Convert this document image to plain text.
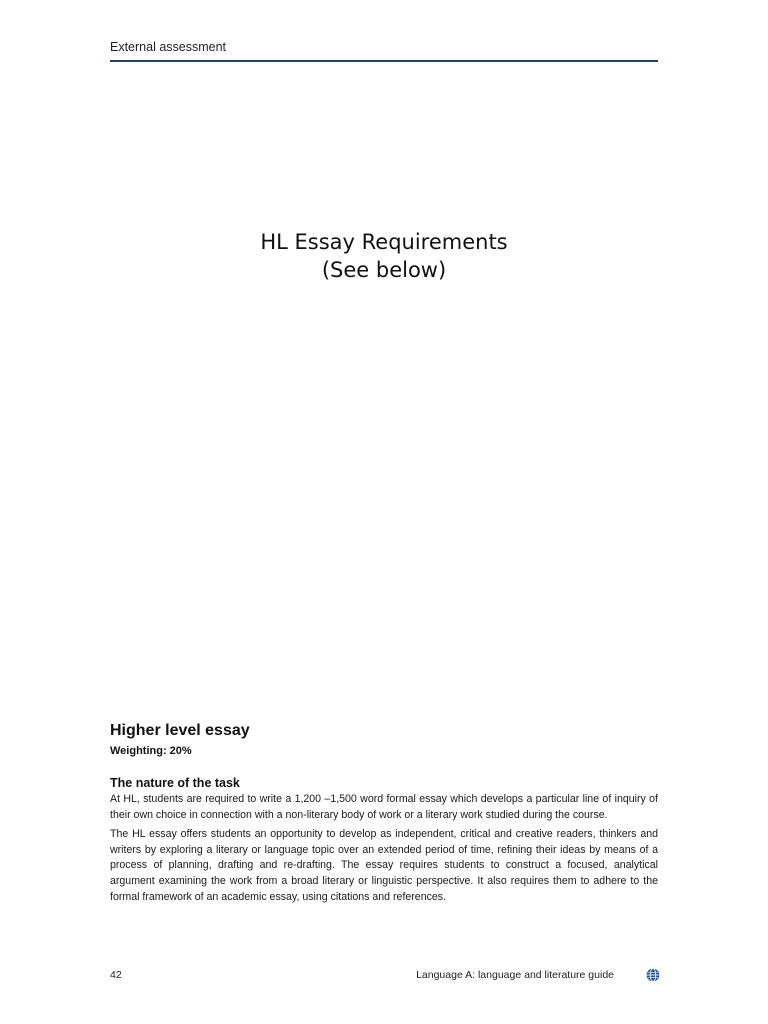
External assessment
HL Essay Requirements
(See below)
Higher level essay
Weighting: 20%
The nature of the task

At HL, students are required to write a 1,200 –1,500 word formal essay which develops a particular line of inquiry of their own choice in connection with a non-literary body of work or a literary work studied during the course.

The HL essay offers students an opportunity to develop as independent, critical and creative readers, thinkers and writers by exploring a literary or language topic over an extended period of time, refining their ideas by means of a process of planning, drafting and re-drafting. The essay requires students to construct a focused, analytical argument examining the work from a broad literary or linguistic perspective. It also requires them to adhere to the formal framework of an academic essay, using citations and references.

42	Language A: language and literature guide
